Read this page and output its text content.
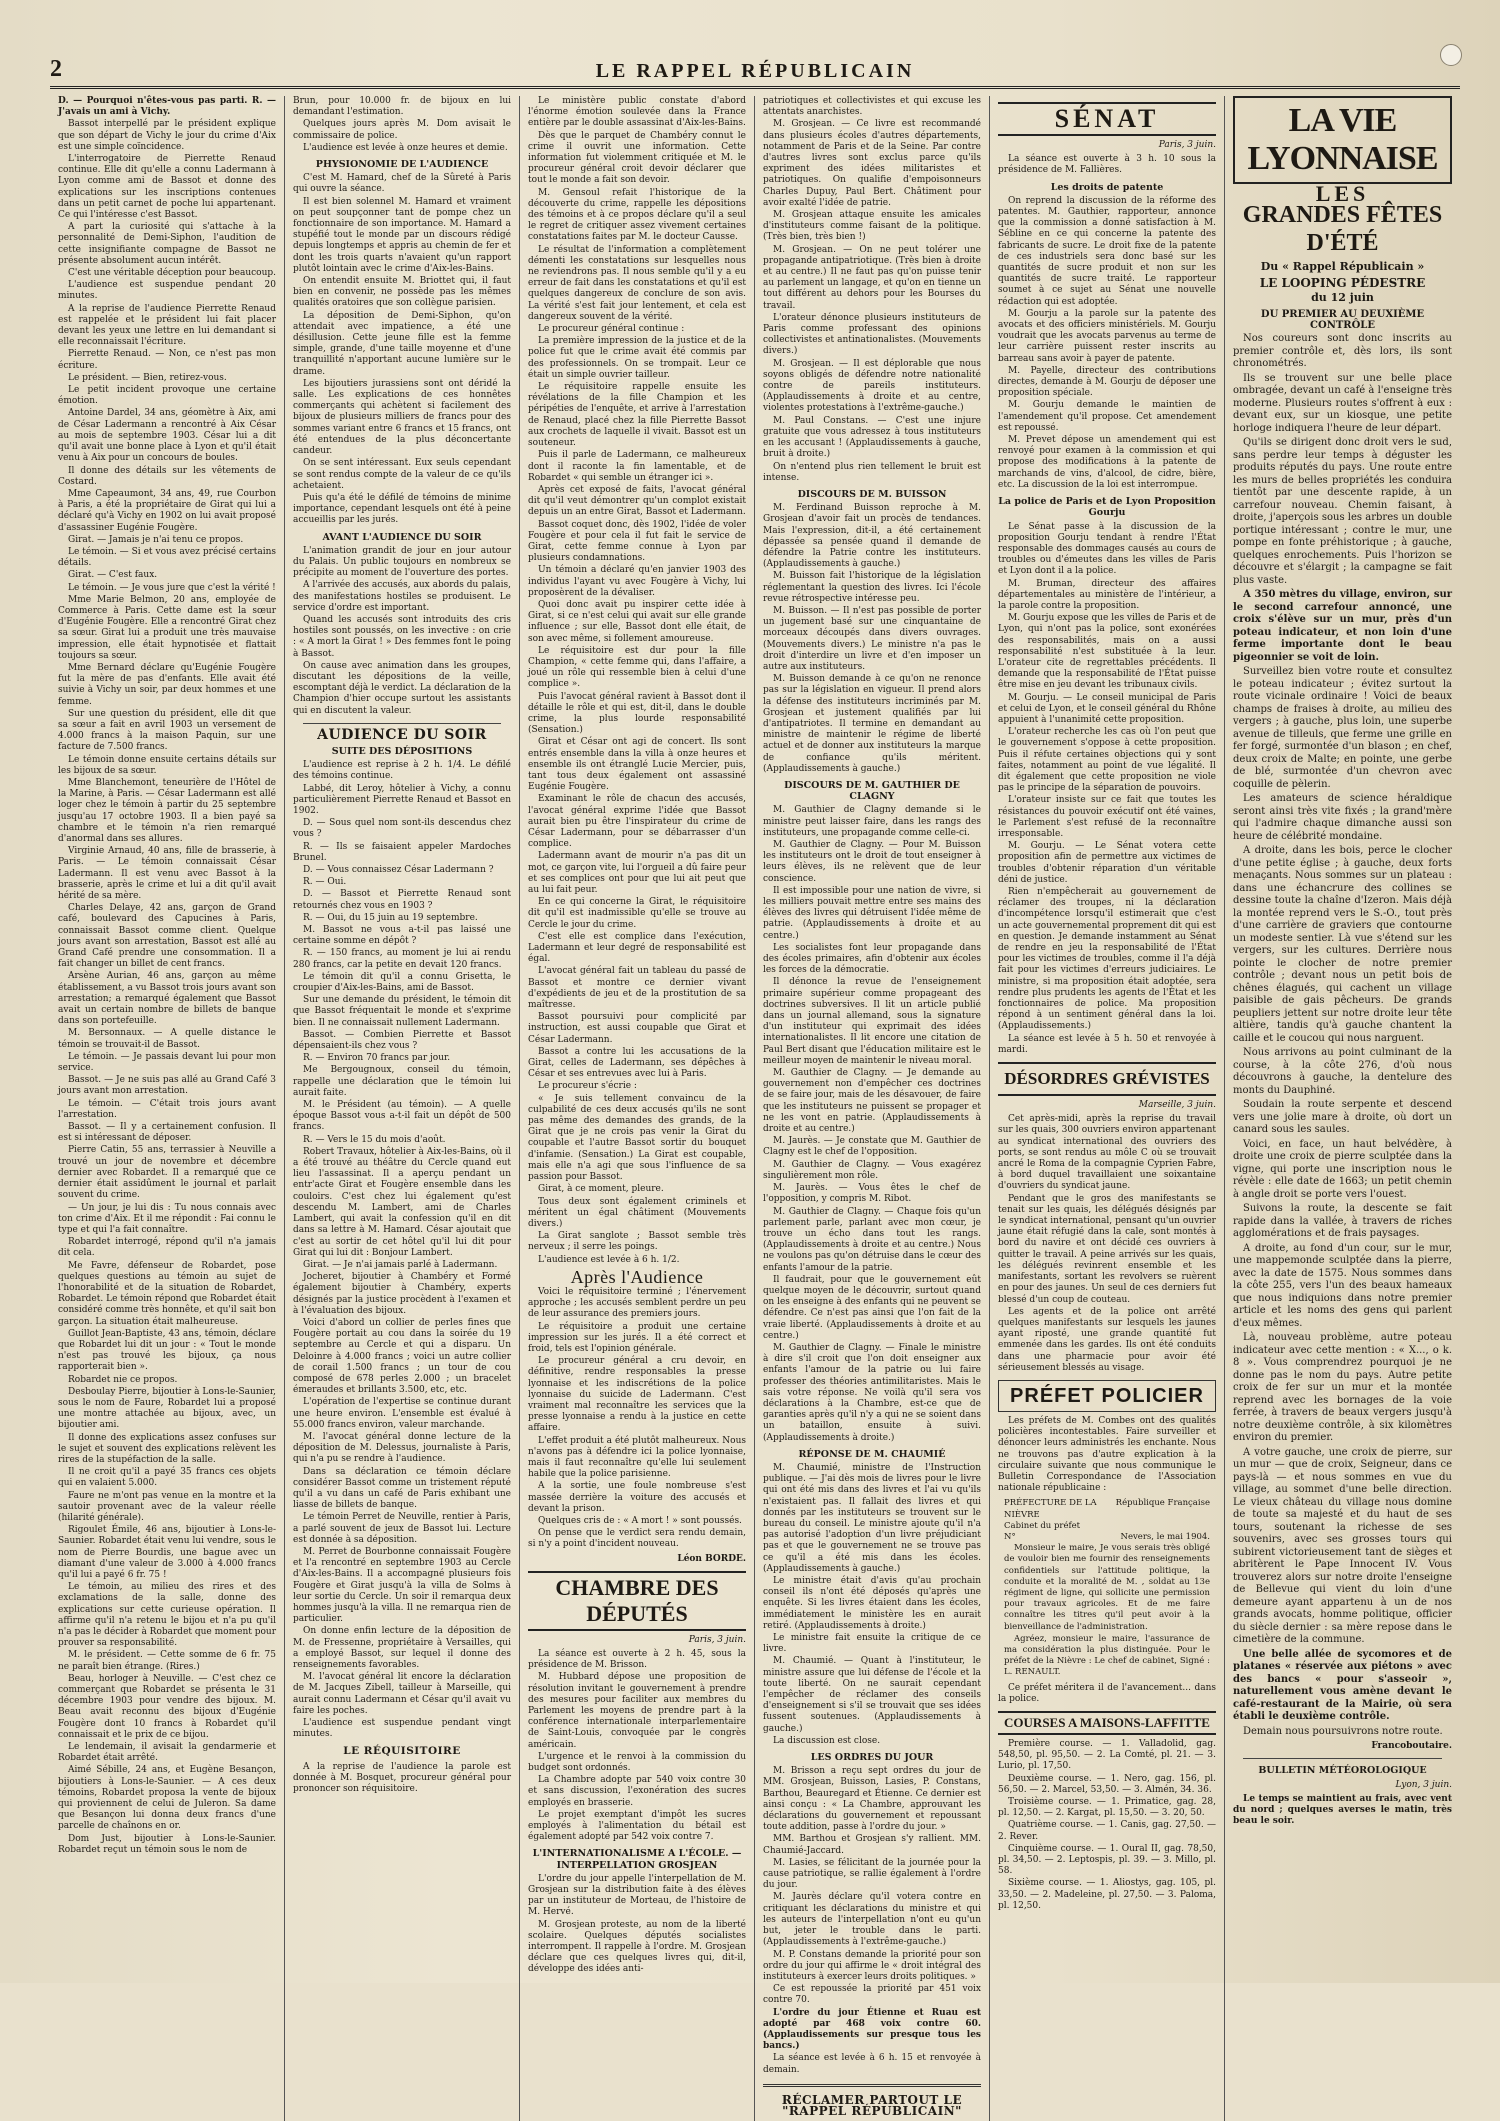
2	LE RAPPEL RÉPUBLICAIN

D. — Pourquoi n'êtes-vous pas parti. R. — J'avais un ami à Vichy.

Bassot interpellé par le président explique que son départ de Vichy le jour du crime d'Aix est une simple coïncidence.

L'interrogatoire de Pierrette Renaud continue. Elle dit qu'elle a connu Ladermann à Lyon comme ami de Bassot et donne des explications sur les inscriptions contenues dans un petit carnet de poche lui appartenant. Ce qui l'intéresse c'est Bassot.

A part la curiosité qui s'attache à la personnalité de Demi-Siphon, l'audition de cette insignifiante compagne de Bassot ne présente absolument aucun intérêt.

C'est une véritable déception pour beaucoup.

L'audience est suspendue pendant 20 minutes.

A la reprise de l'audience Pierrette Renaud est rappelée et le président lui fait placer devant les yeux une lettre en lui demandant si elle reconnaissait l'écriture.

Pierrette Renaud. — Non, ce n'est pas mon écriture.

Le président. — Bien, retirez-vous.

Le petit incident provoque une certaine émotion.

Antoine Dardel, 34 ans, géomètre à Aix, ami de César Ladermann a rencontré à Aix César au mois de septembre 1903. César lui a dit qu'il avait une bonne place à Lyon et qu'il était venu à Aix pour un concours de boules.

Il donne des détails sur les vêtements de Costard.

Mme Capeaumont, 34 ans, 49, rue Courbon à Paris, a été la propriétaire de Girat qui lui a déclaré qu'à Vichy en 1902 on lui avait proposé d'assassiner Eugénie Fougère.

Girat. — Jamais je n'ai tenu ce propos.

Le témoin. — Si et vous avez précisé certains détails.

Girat. — C'est faux.

Le témoin. — Je vous jure que c'est la vérité !

Mme Marie Belmon, 20 ans, employée de Commerce à Paris. Cette dame est la sœur d'Eugénie Fougère. Elle a rencontré Girat chez sa sœur. Girat lui a produit une très mauvaise impression, elle était hypnotisée et flattait toujours sa sœur.

Mme Bernard déclare qu'Eugénie Fougère fut la mère de pas d'enfants. Elle avait été suivie à Vichy un soir, par deux hommes et une femme.

Sur une question du président, elle dit que sa sœur a fait en avril 1903 un versement de 4.000 francs à la maison Paquin, sur une facture de 7.500 francs.

Le témoin donne ensuite certains détails sur les bijoux de sa sœur.

Mme Blanchemont, teneurière de l'Hôtel de la Marine, à Paris. — César Ladermann est allé loger chez le témoin à partir du 25 septembre jusqu'au 17 octobre 1903. Il a bien payé sa chambre et le témoin n'a rien remarqué d'anormal dans ses allures.

Virginie Arnaud, 40 ans, fille de brasserie, à Paris. — Le témoin connaissait César Ladermann. Il est venu avec Bassot à la brasserie, après le crime et lui a dit qu'il avait hérité de sa mère.

Charles Delaye, 42 ans, garçon de Grand café, boulevard des Capucines à Paris, connaissait Bassot comme client. Quelque jours avant son arrestation, Bassot est allé au Grand Café prendre une consommation. Il a fait changer un billet de cent francs.

Arsène Aurian, 46 ans, garçon au même établissement, a vu Bassot trois jours avant son arrestation; a remarqué également que Bassot avait un certain nombre de billets de banque dans son portefeuille.

M. Bersonnaux. — A quelle distance le témoin se trouvait-il de Bassot.

Le témoin. — Je passais devant lui pour mon service.

Bassot. — Je ne suis pas allé au Grand Café 3 jours avant mon arrestation.

Le témoin. — C'était trois jours avant l'arrestation.

Bassot. — Il y a certainement confusion. Il est si intéressant de déposer.

Pierre Catin, 55 ans, terrassier à Neuville a trouvé un jour de novembre et décembre dernier avec Robardet. Il a remarqué que ce dernier était assidûment le journal et parlait souvent du crime.

— Un jour, je lui dis : Tu nous connais avec ton crime d'Aix. Et il me répondit : Fai connu le type et qui l'a fait connaître.

Robardet interrogé, répond qu'il n'a jamais dit cela.

Me Favre, défenseur de Robardet, pose quelques questions au témoin au sujet de l'honorabilité et de la situation de Robardet, Robardet. Le témoin répond que Robardet était considéré comme très honnête, et qu'il sait bon garçon. La situation était malheureuse.

Guillot Jean-Baptiste, 43 ans, témoin, déclare que Robardet lui dit un jour : « Tout le monde n'est pas trouvé les bijoux, ça nous rapporterait bien ».

Robardet nie ce propos.

Desboulay Pierre, bijoutier à Lons-le-Saunier, sous le nom de Faure, Robardet lui a proposé une montre attachée au bijoux, avec, un bijoutier ami.

Il donne des explications assez confuses sur le sujet et souvent des explications relèvent les rires de la stupéfaction de la salle.

Il ne croit qu'il a payé 35 francs ces objets qui en valaient 5.000.

Faure ne m'ont pas venue en la montre et la sautoir provenant avec de la valeur réelle (hilarité générale).

Rigoulet Émile, 46 ans, bijoutier à Lons-le-Saunier. Robardet était venu lui vendre, sous le nom de Pierre Bourdis, une bague avec un diamant d'une valeur de 3.000 à 4.000 francs qu'il lui a payé 6 fr. 75 !

Le témoin, au milieu des rires et des exclamations de la salle, donne des explications sur cette curieuse opération. Il affirme qu'il n'a retenu le bijou et n'a pu qu'il n'a pas le décider à Robardet que moment pour prouver sa responsabilité.

M. le président. — Cette somme de 6 fr. 75 ne paraît bien étrange. (Rires.)

Beau, horloger à Neuville. — C'est chez ce commerçant que Robardet se présenta le 31 décembre 1903 pour vendre des bijoux. M. Beau avait reconnu des bijoux d'Eugénie Fougère dont 10 francs à Robardet qu'il connaissait et le prix de ce bijou.

Le lendemain, il avisait la gendarmerie et Robardet était arrêté.

Aimé Sébille, 24 ans, et Eugène Besançon, bijoutiers à Lons-le-Saunier. — A ces deux témoins, Robardet proposa la vente de bijoux qui proviennent de celui de Juleron. Sa dame que Besançon lui donna deux francs d'une parcelle de chaînons en or.

Dom Just, bijoutier à Lons-le-Saunier. Robardet reçut un témoin sous le nom de

Brun, pour 10.000 fr. de bijoux en lui demandant l'estimation.

Quelques jours après M. Dom avisait le commissaire de police.

L'audience est levée à onze heures et demie.

PHYSIONOMIE DE L'AUDIENCE

C'est M. Hamard, chef de la Sûreté à Paris qui ouvre la séance.

Il est bien solennel M. Hamard et vraiment on peut soupçonner tant de pompe chez un fonctionnaire de son importance. M. Hamard a stupéfié tout le monde par un discours rédigé depuis longtemps et appris au chemin de fer et dont les trois quarts n'avaient qu'un rapport plutôt lointain avec le crime d'Aix-les-Bains.

On entendit ensuite M. Briottet qui, il faut bien en convenir, ne possède pas les mêmes qualités oratoires que son collègue parisien.

La déposition de Demi-Siphon, qu'on attendait avec impatience, a été une désillusion. Cette jeune fille est la femme simple, grande, d'une taille moyenne et d'une tranquillité n'apportant aucune lumière sur le drame.

Les bijoutiers jurassiens sont ont déridé la salle. Les explications de ces honnêtes commerçants qui achètent si facilement des bijoux de plusieurs milliers de francs pour des sommes variant entre 6 francs et 15 francs, ont été entendues de la plus déconcertante candeur.

On se sent intéressant. Eux seuls cependant se sont rendus compte de la valeur de ce qu'ils achetaient.

Puis qu'a été le défilé de témoins de minime importance, cependant lesquels ont été à peine accueillis par les jurés.

AVANT L'AUDIENCE DU SOIR

L'animation grandit de jour en jour autour du Palais. Un public toujours en nombreux se précipite au moment de l'ouverture des portes.

A l'arrivée des accusés, aux abords du palais, des manifestations hostiles se produisent. Le service d'ordre est important.

Quand les accusés sont introduits des cris hostiles sont poussés, on les invective : on crie : « A mort la Girat ! » Des femmes font le poing à Bassot.

On cause avec animation dans les groupes, discutant les dépositions de la veille, escomptant déjà le verdict. La déclaration de la Champion d'hier occupe surtout les assistants qui en discutent la valeur.

AUDIENCE DU SOIR
SUITE DES DÉPOSITIONS

L'audience est reprise à 2 h. 1/4. Le défilé des témoins continue.

Labbé, dit Leroy, hôtelier à Vichy, a connu particulièrement Pierrette Renaud et Bassot en 1902.

D. — Sous quel nom sont-ils descendus chez vous ?

R. — Ils se faisaient appeler Mardoches Brunel.

D. — Vous connaissez César Ladermann ?

R. — Oui.

D. — Bassot et Pierrette Renaud sont retournés chez vous en 1903 ?

R. — Oui, du 15 juin au 19 septembre.

M. Bassot ne vous a-t-il pas laissé une certaine somme en dépôt ?

R. — 150 francs, au moment je lui ai rendu 280 francs, car la petite en devait 120 francs.

Le témoin dit qu'il a connu Grisetta, le croupier d'Aix-les-Bains, ami de Bassot.

Sur une demande du président, le témoin dit que Bassot fréquentait le monde et s'exprime bien. Il ne connaissait nullement Ladermann.

Bassot. — Combien Pierrette et Bassot dépensaient-ils chez vous ?

R. — Environ 70 francs par jour.

Me Bergougnoux, conseil du témoin, rappelle une déclaration que le témoin lui aurait faite.

M. le Président (au témoin). — A quelle époque Bassot vous a-t-il fait un dépôt de 500 francs.

R. — Vers le 15 du mois d'août.

Robert Travaux, hôtelier à Aix-les-Bains, où il a été trouvé au théâtre du Cercle quand eut lieu l'assassinat. Il a aperçu pendant un entr'acte Girat et Fougère ensemble dans les couloirs. C'est chez lui également qu'est descendu M. Lambert, ami de Charles Lambert, qui avait la confession qu'il en dit dans sa lettre à M. Hamard. César ajoutait que c'est au sortir de cet hôtel qu'il lui dit pour Girat qui lui dit : Bonjour Lambert.

Girat. — Je n'ai jamais parlé à Ladermann.

Jocheret, bijoutier à Chambéry et Formé également bijoutier à Chambéry, experts désignés par la justice procèdent à l'examen et à l'évaluation des bijoux.

Voici d'abord un collier de perles fines que Fougère portait au cou dans la soirée du 19 septembre au Cercle et qui a disparu. Un Deloinre à 4.000 francs ; voici un autre collier de corail 1.500 francs ; un tour de cou composé de 678 perles 2.000 ; un bracelet émeraudes et brillants 3.500, etc, etc.

L'opération de l'expertise se continue durant une heure environ. L'ensemble est évalué à 55.000 francs environ, valeur marchande.

M. l'avocat général donne lecture de la déposition de M. Delessus, journaliste à Paris, qui n'a pu se rendre à l'audience.

Dans sa déclaration ce témoin déclare considérer Bassot comme un tristement réputé qu'il a vu dans un café de Paris exhibant une liasse de billets de banque.

Le témoin Perret de Neuville, rentier à Paris, a parlé souvent de jeux de Bassot lui. Lecture est donnée à sa déposition.

M. Perret de Bourbonne connaissait Fougère et l'a rencontré en septembre 1903 au Cercle d'Aix-les-Bains. Il a accompagné plusieurs fois Fougère et Girat jusqu'à la villa de Solms à leur sortie du Cercle. Un soir il remarqua deux hommes jusqu'à la villa. Il ne remarqua rien de particulier.

On donne enfin lecture de la déposition de M. de Fressenne, propriétaire à Versailles, qui a employé Bassot, sur lequel il donne des renseignements favorables.

M. l'avocat général lit encore la déclaration de M. Jacques Zibell, tailleur à Marseille, qui aurait connu Ladermann et César qu'il avait vu faire les poches.

L'audience est suspendue pendant vingt minutes.

LE RÉQUISITOIRE

A la reprise de l'audience la parole est donnée à M. Bosquet, procureur général pour prononcer son réquisitoire.

Le ministère public constate d'abord l'énorme émotion soulevée dans la France entière par le double assassinat d'Aix-les-Bains.

Dès que le parquet de Chambéry connut le crime il ouvrit une information. Cette information fut violemment critiquée et M. le procureur général croit devoir déclarer que tout le monde a fait son devoir.

M. Gensoul refait l'historique de la découverte du crime, rappelle les dépositions des témoins et à ce propos déclare qu'il a seul le regret de critiquer assez vivement certaines constatations faites par M. le docteur Causse.

Le résultat de l'information a complètement démenti les constatations sur lesquelles nous ne reviendrons pas. Il nous semble qu'il y a eu erreur de fait dans les constatations et qu'il est quelques dangereux de conclure de son avis. La vérité s'est fait jour lentement, et cela est dangereux souvent de la vérité.

Le procureur général continue :

La première impression de la justice et de la police fut que le crime avait été commis par des professionnels. On se trompait. Leur ce était un simple ouvrier tailleur.

Le réquisitoire rappelle ensuite les révélations de la fille Champion et les péripéties de l'enquête, et arrive à l'arrestation de Renaud, placé chez la fille Pierrette Bassot aux crochets de laquelle il vivait. Bassot est un souteneur.

Puis il parle de Ladermann, ce malheureux dont il raconte la fin lamentable, et de Robardet « qui semble un étranger ici ».

Après cet exposé de faits, l'avocat général dit qu'il veut démontrer qu'un complot existait depuis un an entre Girat, Bassot et Ladermann.

Bassot coquet donc, dès 1902, l'idée de voler Fougère et pour cela il fut fait le service de Girat, cette femme connue à Lyon par plusieurs condamnations.

Un témoin a déclaré qu'en janvier 1903 des individus l'ayant vu avec Fougère à Vichy, lui proposèrent de la dévaliser.

Quoi donc avait pu inspirer cette idée à Girat, si ce n'est celui qui avait sur elle grande influence ; sur elle, Bassot dont elle était, de son avec même, si follement amoureuse.

Le réquisitoire est dur pour la fille Champion, « cette femme qui, dans l'affaire, a joué un rôle qui ressemble bien à celui d'une complice ».

Puis l'avocat général ravient à Bassot dont il détaille le rôle et qui est, dit-il, dans le double crime, la plus lourde responsabilité (Sensation.)

Girat et César ont agi de concert. Ils sont entrés ensemble dans la villa à onze heures et ensemble ils ont étranglé Lucie Mercier, puis, tant tous deux également ont assassiné Eugénie Fougère.

Examinant le rôle de chacun des accusés, l'avocat général exprime l'idée que Bassot aurait bien pu être l'inspirateur du crime de César Ladermann, pour se débarrasser d'un complice.

Ladermann avant de mourir n'a pas dit un mot, ce garçon vite, lui l'orgueil a dû faire peur et ses complices ont pour que lui ait peut que au lui fait peur.

En ce qui concerne la Girat, le réquisitoire dit qu'il est inadmissible qu'elle se trouve au Cercle le jour du crime.

C'est elle est complice dans l'exécution, Ladermann et leur degré de responsabilité est égal.

L'avocat général fait un tableau du passé de Bassot et montre ce dernier vivant d'expédients de jeu et de la prostitution de sa maîtresse.

Bassot poursuivi pour complicité par instruction, est aussi coupable que Girat et César Ladermann.

Bassot a contre lui les accusations de la Girat, celles de Ladermann, ses dépêches à César et ses entrevues avec lui à Paris.

Le procureur s'écrie :

« Je suis tellement convaincu de la culpabilité de ces deux accusés qu'ils ne sont pas même des demandes des grands, de la Girat que je ne crois pas venir la Girat du coupable et l'autre Bassot sortir du bouquet d'infamie. (Sensation.) La Girat est coupable, mais elle n'a agi que sous l'influence de sa passion pour Bassot.

Girat, à ce moment, pleure.

Tous deux sont également criminels et méritent un égal châtiment (Mouvements divers.)

La Girat sanglote ; Bassot semble très nerveux ; il serre les poings.

L'audience est levée à 6 h. 1/2.

Après l'Audience

Voici le réquisitoire terminé ; l'énervement approche ; les accusés semblent perdre un peu de leur assurance des premiers jours.

Le réquisitoire a produit une certaine impression sur les jurés. Il a été correct et froid, tels est l'opinion générale.

Le procureur général a cru devoir, en définitive, rendre responsables la presse lyonnaise et les indiscrétions de la police lyonnaise du suicide de Ladermann. C'est vraiment mal reconnaître les services que la presse lyonnaise a rendu à la justice en cette affaire.

L'effet produit a été plutôt malheureux. Nous n'avons pas à défendre ici la police lyonnaise, mais il faut reconnaître qu'elle lui seulement habile que la police parisienne.

A la sortie, une foule nombreuse s'est massée derrière la voiture des accusés et devant la prison.

Quelques cris de : « A mort ! » sont poussés.

On pense que le verdict sera rendu demain, si n'y a point d'incident nouveau.

Léon BORDE.
CHAMBRE DES DÉPUTÉS
Paris, 3 juin.

La séance est ouverte à 2 h. 45, sous la présidence de M. Brisson.

M. Hubbard dépose une proposition de résolution invitant le gouvernement à prendre des mesures pour faciliter aux membres du Parlement les moyens de prendre part à la conférence internationale interparlementaire de Saint-Louis, convoquée par le congrès américain.

L'urgence et le renvoi à la commission du budget sont ordonnés.

La Chambre adopte par 540 voix contre 30 et sans discussion, l'exonération des sucres employés en brasserie.

Le projet exemptant d'impôt les sucres employés à l'alimentation du bétail est également adopté par 542 voix contre 7.

L'INTERNATIONALISME A L'ÉCOLE. — INTERPELLATION GROSJEAN

L'ordre du jour appelle l'interpellation de M. Grosjean sur la distribution faite à des élèves par un instituteur de Morteau, de l'histoire de M. Hervé.

M. Grosjean proteste, au nom de la liberté scolaire. Quelques députés socialistes interrompent. Il rappelle à l'ordre. M. Grosjean déclare que ces quelques livres qui, dit-il, développe des idées anti-

patriotiques et collectivistes et qui excuse les attentats anarchistes.

M. Grosjean. — Ce livre est recommandé dans plusieurs écoles d'autres départements, notamment de Paris et de la Seine. Par contre d'autres livres sont exclus parce qu'ils expriment des idées militaristes et patriotiques. On qualifie d'empoisonneurs Charles Dupuy, Paul Bert. Châtiment pour avoir exalté l'idée de patrie.

M. Grosjean attaque ensuite les amicales d'instituteurs comme faisant de la politique. (Très bien, très bien !)

M. Grosjean. — On ne peut tolérer une propagande antipatriotique. (Très bien à droite et au centre.) Il ne faut pas qu'on puisse tenir au parlement un langage, et qu'on en tienne un tout différent au dehors pour les Bourses du travail.

L'orateur dénonce plusieurs instituteurs de Paris comme professant des opinions collectivistes et antinationalistes. (Mouvements divers.)

M. Grosjean. — Il est déplorable que nous soyons obligés de défendre notre nationalité contre de pareils instituteurs. (Applaudissements à droite et au centre, violentes protestations à l'extrême-gauche.)

M. Paul Constans. — C'est une injure gratuite que vous adressez à tous instituteurs en les accusant ! (Applaudissements à gauche, bruit à droite.)

On n'entend plus rien tellement le bruit est intense.

DISCOURS DE M. BUISSON

M. Ferdinand Buisson reproche à M. Grosjean d'avoir fait un procès de tendances. Mais l'expression, dit-il, a été certainement dépassée sa pensée quand il demande de défendre la Patrie contre les instituteurs. (Applaudissements à gauche.)

M. Buisson fait l'historique de la législation réglementant la question des livres. Ici l'école revue rétrospective intéresse peu.

M. Buisson. — Il n'est pas possible de porter un jugement basé sur une cinquantaine de morceaux découpés dans divers ouvrages. (Mouvements divers.) Le ministre n'a pas le droit d'interdire un livre et d'en imposer un autre aux instituteurs.

M. Buisson demande à ce qu'on ne renonce pas sur la législation en vigueur. Il prend alors la défense des instituteurs incriminés par M. Grosjean et justement qualifiés par lui d'antipatriotes. Il termine en demandant au ministre de maintenir le régime de liberté actuel et de donner aux instituteurs la marque de confiance qu'ils méritent. (Applaudissements à gauche.)

DISCOURS DE M. GAUTHIER DE CLAGNY

M. Gauthier de Clagny demande si le ministre peut laisser faire, dans les rangs des instituteurs, une propagande comme celle-ci.

M. Gauthier de Clagny. — Pour M. Buisson les instituteurs ont le droit de tout enseigner à leurs élèves, ils ne relèvent que de leur conscience.

Il est impossible pour une nation de vivre, si les milliers pouvait mettre entre ses mains des élèves des livres qui détruisent l'idée même de patrie. (Applaudissements à droite et au centre.)

Les socialistes font leur propagande dans des écoles primaires, afin d'obtenir aux écoles les forces de la démocratie.

Il dénonce la revue de l'enseignement primaire supérieur comme propageant des doctrines subversives. Il lit un article publié dans un journal allemand, sous la signature d'un instituteur qui exprimait des idées internationalistes. Il lit encore une citation de Paul Bert disant que l'éducation militaire est le meilleur moyen de maintenir le niveau moral.

M. Gauthier de Clagny. — Je demande au gouvernement non d'empêcher ces doctrines de se faire jour, mais de les désavouer, de faire que les instituteurs ne puissent se propager et ne les vont en patrie. (Applaudissements à droite et au centre.)

M. Jaurès. — Je constate que M. Gauthier de Clagny est le chef de l'opposition.

M. Gauthier de Clagny. — Vous exagérez singulièrement mon rôle.

M. Jaurès. — Vous êtes le chef de l'opposition, y compris M. Ribot.

M. Gauthier de Clagny. — Chaque fois qu'un parlement parle, parlant avec mon cœur, je trouve un écho dans tout les rangs. (Applaudissements à droite et au centre.) Nous ne voulons pas qu'on détruise dans le cœur des enfants l'amour de la patrie.

Il faudrait, pour que le gouvernement eût quelque moyen de le découvrir, surtout quand on les enseigne à des enfants qui ne peuvent se défendre. Ce n'est pas ainsi que l'on fait de la vraie liberté. (Applaudissements à droite et au centre.)

M. Gauthier de Clagny. — Finale le ministre à dire s'il croit que l'on doit enseigner aux enfants l'amour de la patrie ou lui faire professer des théories antimilitaristes. Mais le sais votre réponse. Ne voilà qu'il sera vos déclarations à la Chambre, est-ce que de garanties après qu'il n'y a qui ne se soient dans un bataillon, ensuite à suivi. (Applaudissements à droite.)

RÉPONSE DE M. CHAUMIÉ

M. Chaumié, ministre de l'Instruction publique. — J'ai dès mois de livres pour le livre qui ont été mis dans des livres et l'ai vu qu'ils n'existaient pas. Il fallait des livres et qui donnés par les instituteurs se trouvent sur le bureau du conseil. Le ministre ajoute qu'il n'a pas autorisé l'adoption d'un livre préjudiciant pas et que le gouvernement ne se trouve pas ce qu'il a été mis dans les écoles. (Applaudissements à gauche.)

Le ministre était d'avis qu'au prochain conseil ils n'ont été déposés qu'après une enquête. Si les livres étaient dans les écoles, immédiatement le ministère les en aurait retiré. (Applaudissements à droite.)

Le ministre fait ensuite la critique de ce livre.

M. Chaumié. — Quant à l'instituteur, le ministre assure que lui défense de l'école et la toute liberté. On ne saurait cependant l'empêcher de réclamer des conseils d'enseignement si s'il se trouvait que ses idées fussent soutenues. (Applaudissements à gauche.)

La discussion est close.

LES ORDRES DU JOUR

M. Brisson a reçu sept ordres du jour de MM. Grosjean, Buisson, Lasies, P. Constans, Barthou, Beauregard et Étienne. Ce dernier est ainsi conçu : « La Chambre, approuvant les déclarations du gouvernement et repoussant toute addition, passe à l'ordre du jour. »

MM. Barthou et Grosjean s'y rallient. MM. Chaumié-Jaccard.

M. Lasies, se félicitant de la journée pour la cause patriotique, se rallie également à l'ordre du jour.

M. Jaurès déclare qu'il votera contre en critiquant les déclarations du ministre et qui les auteurs de l'interpellation n'ont eu qu'un but, jeter le trouble dans le parti. (Applaudissements à l'extrême-gauche.)

M. P. Constans demande la priorité pour son ordre du jour qui affirme le « droit intégral des instituteurs à exercer leurs droits politiques. »

Ce est repoussée la priorité par 451 voix contre 70.

L'ordre du jour Étienne et Ruau est adopté par 468 voix contre 60. (Applaudissements sur presque tous les bancs.)

La séance est levée à 6 h. 15 et renvoyée à demain.

RÉCLAMER PARTOUT LE "RAPPEL RÉPUBLICAIN"
SÉNAT
Paris, 3 juin.

La séance est ouverte à 3 h. 10 sous la présidence de M. Fallières.

Les droits de patente

On reprend la discussion de la réforme des patentes. M. Gauthier, rapporteur, annonce que la commission a donné satisfaction à M. Sébline en ce qui concerne la patente des fabricants de sucre. Le droit fixe de la patente de ces industriels sera donc basé sur les quantités de sucre produit et non sur les quantités de sucre traité. Le rapporteur soumet à ce sujet au Sénat une nouvelle rédaction qui est adoptée.

M. Gourju a la parole sur la patente des avocats et des officiers ministériels. M. Gourju voudrait que les avocats parvenus au terme de leur carrière puissent rester inscrits au barreau sans avoir à payer de patente.

M. Payelle, directeur des contributions directes, demande à M. Gourju de déposer une proposition spéciale.

M. Gourju demande le maintien de l'amendement qu'il propose. Cet amendement est repoussé.

M. Prevet dépose un amendement qui est renvoyé pour examen à la commission et qui propose des modifications à la patente de marchands de vins, d'alcool, de cidre, bière, etc. La discussion de la loi est interrompue.

La police de Paris et de Lyon Proposition Gourju

Le Sénat passe à la discussion de la proposition Gourju tendant à rendre l'État responsable des dommages causés au cours de troubles ou d'émeutes dans les villes de Paris et Lyon dont il a la police.

M. Bruman, directeur des affaires départementales au ministère de l'intérieur, a la parole contre la proposition.

M. Gourju expose que les villes de Paris et de Lyon, qui n'ont pas la police, sont exonérées des responsabilités, mais on a aussi responsabilité n'est substituée à la leur. L'orateur cite de regrettables précédents. Il demande que la responsabilité de l'État puisse être mise en jeu devant les tribunaux civils.

M. Gourju. — Le conseil municipal de Paris et celui de Lyon, et le conseil général du Rhône appuient à l'unanimité cette proposition.

L'orateur recherche les cas où l'on peut que le gouvernement s'oppose à cette proposition. Puis il réfute certaines objections qui y sont faites, notamment au point de vue légalité. Il dit également que cette proposition ne viole pas le principe de la séparation de pouvoirs.

L'orateur insiste sur ce fait que toutes les résistances du pouvoir exécutif ont été vaines, le Parlement s'est refusé de la reconnaître irresponsable.

M. Gourju. — Le Sénat votera cette proposition afin de permettre aux victimes de troubles d'obtenir réparation d'un véritable déni de justice.

Rien n'empêcherait au gouvernement de réclamer des troupes, ni la déclaration d'incompétence lorsqu'il estimerait que c'est un acte gouvernemental proprement dit qui est en question. Je demande instamment au Sénat de rendre en jeu la responsabilité de l'État pour les victimes de troubles, comme il l'a déjà fait pour les victimes d'erreurs judiciaires. Le ministre, si ma proposition était adoptée, sera rendre plus prudents les agents de l'État et les fonctionnaires de police. Ma proposition répond à un sentiment général dans la loi. (Applaudissements.)

La séance est levée à 5 h. 50 et renvoyée à mardi.

DÉSORDRES GRÉVISTES
Marseille, 3 juin.

Cet après-midi, après la reprise du travail sur les quais, 300 ouvriers environ appartenant au syndicat international des ouvriers des ports, se sont rendus au môle C où se trouvait ancré le Roma de la compagnie Cyprien Fabre, à bord duquel travaillaient une soixantaine d'ouvriers du syndicat jaune.

Pendant que le gros des manifestants se tenait sur les quais, les délégués désignés par le syndicat international, pensant qu'un ouvrier jaune était réfugié dans la cale, sont montés à bord du navire et ont décidé ces ouvriers à quitter le travail. A peine arrivés sur les quais, les délégués revinrent ensemble et les manifestants, sortant les revolvers se ruèrent en pour des jaunes. Un seul de ces derniers fut blessé d'un coup de couteau.

Les agents et de la police ont arrêté quelques manifestants sur lesquels les jaunes ayant riposté, une grande quantité fut emmenée dans les gardes. Ils ont été conduits dans une pharmacie pour avoir été sérieusement blessés au visage.

PRÉFET POLICIER

Les préfets de M. Combes ont des qualités policières incontestables. Faire surveiller et dénoncer leurs administrés les enchante. Nous ne trouvons pas d'autre explication à la circulaire suivante que nous communique le Bulletin Correspondance de l'Association nationale républicaine :

PRÉFECTURE DE LA NIÈVRE
République Française
Cabinet du préfet
N°	Nevers, le mai 1904.

Monsieur le maire, Je vous serais très obligé de vouloir bien me fournir des renseignements confidentiels sur l'attitude politique, la conduite et la moralité de M. , soldat au 13e régiment de ligne, qui sollicite une permission pour travaux agricoles. Et de me faire connaître les titres qu'il peut avoir à la bienveillance de l'administration.

Agréez, monsieur le maire, l'assurance de ma considération la plus distinguée. Pour le préfet de la Nièvre : Le chef de cabinet, Signé : L. RENAULT.

Ce préfet méritera il de l'avancement... dans la police.

COURSES A MAISONS-LAFFITTE

Première course. — 1. Valladolid, gag. 548,50, pl. 95,50. — 2. La Comté, pl. 21. — 3. Lurio, pl. 17,50.

Deuxième course. — 1. Nero, gag. 156, pl. 56,50. — 2. Marcel, 53,50. — 3. Almén, 34. 36.

Troisième course. — 1. Primatice, gag. 28, pl. 12,50. — 2. Kargat, pl. 15,50. — 3. 20, 50.

Quatrième course. — 1. Canis, gag. 27,50. — 2. Rever.

Cinquième course. — 1. Oural II, gag. 78,50, pl. 34,50. — 2. Leptospis, pl. 39. — 3. Millo, pl. 58.

Sixième course. — 1. Aliostys, gag. 105, pl. 33,50. — 2. Madeleine, pl. 27,50. — 3. Paloma, pl. 12,50.

LA VIE LYONNAISE
LES
GRANDES FÊTES D'ÉTÉ
Du « Rappel Républicain »
LE LOOPING PÉDESTRE
du 12 juin
DU PREMIER AU DEUXIÈME CONTRÔLE

Nos coureurs sont donc inscrits au premier contrôle et, dès lors, ils sont chronométrés.

Ils se trouvent sur une belle place ombragée, devant un café à l'enseigne très moderne. Plusieurs routes s'offrent à eux : devant eux, sur un kiosque, une petite horloge indiquera l'heure de leur départ.

Qu'ils se dirigent donc droit vers le sud, sans perdre leur temps à déguster les produits réputés du pays. Une route entre les murs de belles propriétés les conduira tientôt par une descente rapide, à un carrefour nouveau. Chemin faisant, à droite, j'aperçois sous les arbres un double portique intéressant ; contre le mur, une pompe en fonte préhistorique ; à gauche, quelques enrochements. Puis l'horizon se découvre et s'élargit ; la campagne se fait plus vaste.

A 350 mètres du village, environ, sur le second carrefour annoncé, une croix s'élève sur un mur, près d'un poteau indicateur, et non loin d'une ferme importante dont le beau pigeonnier se voit de loin.

Surveillez bien votre route et consultez le poteau indicateur ; évitez surtout la route vicinale ordinaire ! Voici de beaux champs de fraises à droite, au milieu des vergers ; à gauche, plus loin, une superbe avenue de tilleuls, que ferme une grille en fer forgé, surmontée d'un blason ; en chef, deux croix de Malte; en pointe, une gerbe de blé, surmontée d'un chevron avec coquille de pèlerin.

Les amateurs de science héraldique seront ainsi très vite fixés ; la grand'mère qui l'admire chaque dimanche aussi son heure de célébrité mondaine.

A droite, dans les bois, perce le clocher d'une petite église ; à gauche, deux forts menaçants. Nous sommes sur un plateau : dans une échancrure des collines se dessine toute la chaîne d'Izeron. Mais déjà la montée reprend vers le S.-O., tout près d'une carrière de graviers que contourne un modeste sentier. Là vue s'étend sur les vergers, sur les cultures. Derrière nous pointe le clocher de notre premier contrôle ; devant nous un petit bois de chênes élagués, qui cachent un village paisible de gais pêcheurs. De grands peupliers jettent sur notre droite leur tête altière, tandis qu'à gauche chantent la caille et le coucou qui nous narguent.

Nous arrivons au point culminant de la course, à la côte 276, d'où nous découvrons à gauche, la dentelure des monts du Dauphiné.

Soudain la route serpente et descend vers une jolie mare à droite, où dort un canard sous les saules.

Voici, en face, un haut belvédère, à droite une croix de pierre sculptée dans la vigne, qui porte une inscription nous le révèle : elle date de 1663; un petit chemin à angle droit se porte vers l'ouest.

Suivons la route, la descente se fait rapide dans la vallée, à travers de riches agglomérations et de frais paysages.

A droite, au fond d'un cour, sur le mur, une mappemonde sculptée dans la pierre, avec la date de 1575. Nous sommes dans la côte 255, vers l'un des beaux hameaux que nous indiquions dans notre premier article et les noms des gens qui parlent d'eux mêmes.

Là, nouveau problème, autre poteau indicateur avec cette mention : « X..., o k. 8 ». Vous comprendrez pourquoi je ne donne pas le nom du pays. Autre petite croix de fer sur un mur et la montée reprend avec les bornages de la voie ferrée, à travers de beaux vergers jusqu'à notre deuxième contrôle, à six kilomètres environ du premier.

A votre gauche, une croix de pierre, sur un mur — que de croix, Seigneur, dans ce pays-là — et nous sommes en vue du village, au sommet d'une belle direction. Le vieux château du village nous domine de toute sa majesté et du haut de ses tours, soutenant la richesse de ses souvenirs, avec ses grosses tours qui subirent victorieusement tant de sièges et abritèrent le Pape Innocent IV. Vous trouverez alors sur notre droite l'enseigne de Bellevue qui vient du loin d'une demeure ayant appartenu à un de nos grands avocats, homme politique, officier du siècle dernier : sa mère repose dans le cimetière de la commune.

Une belle allée de sycomores et de platanes « réservée aux piétons » avec des bancs « pour s'asseoir », naturellement vous amène devant le café-restaurant de la Mairie, où sera établi le deuxième contrôle.

Demain nous poursuivrons notre route.

Francoboutaire.
BULLETIN MÉTÉOROLOGIQUE
Lyon, 3 juin.

Le temps se maintient au frais, avec vent du nord ; quelques averses le matin, très beau le soir.
